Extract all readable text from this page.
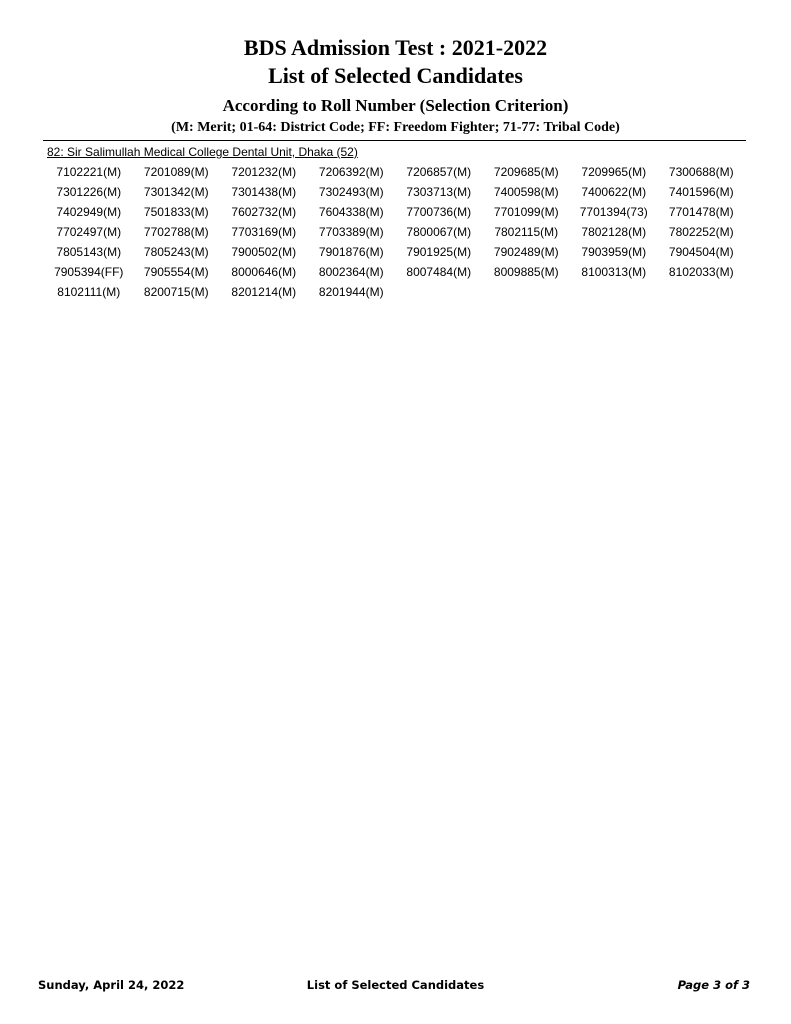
BDS Admission Test : 2021-2022
List of Selected Candidates
According to Roll Number (Selection Criterion)
(M: Merit; 01-64: District Code; FF: Freedom Fighter; 71-77: Tribal Code)
82: Sir Salimullah Medical College Dental Unit, Dhaka (52)
7102221(M)	7201089(M)	7201232(M)	7206392(M)	7206857(M)	7209685(M)	7209965(M)	7300688(M)
7301226(M)	7301342(M)	7301438(M)	7302493(M)	7303713(M)	7400598(M)	7400622(M)	7401596(M)
7402949(M)	7501833(M)	7602732(M)	7604338(M)	7700736(M)	7701099(M)	7701394(73)	7701478(M)
7702497(M)	7702788(M)	7703169(M)	7703389(M)	7800067(M)	7802115(M)	7802128(M)	7802252(M)
7805143(M)	7805243(M)	7900502(M)	7901876(M)	7901925(M)	7902489(M)	7903959(M)	7904504(M)
7905394(FF)	7905554(M)	8000646(M)	8002364(M)	8007484(M)	8009885(M)	8100313(M)	8102033(M)
8102111(M)	8200715(M)	8201214(M)	8201944(M)
Sunday, April 24, 2022	List of Selected Candidates	Page 3 of 3
